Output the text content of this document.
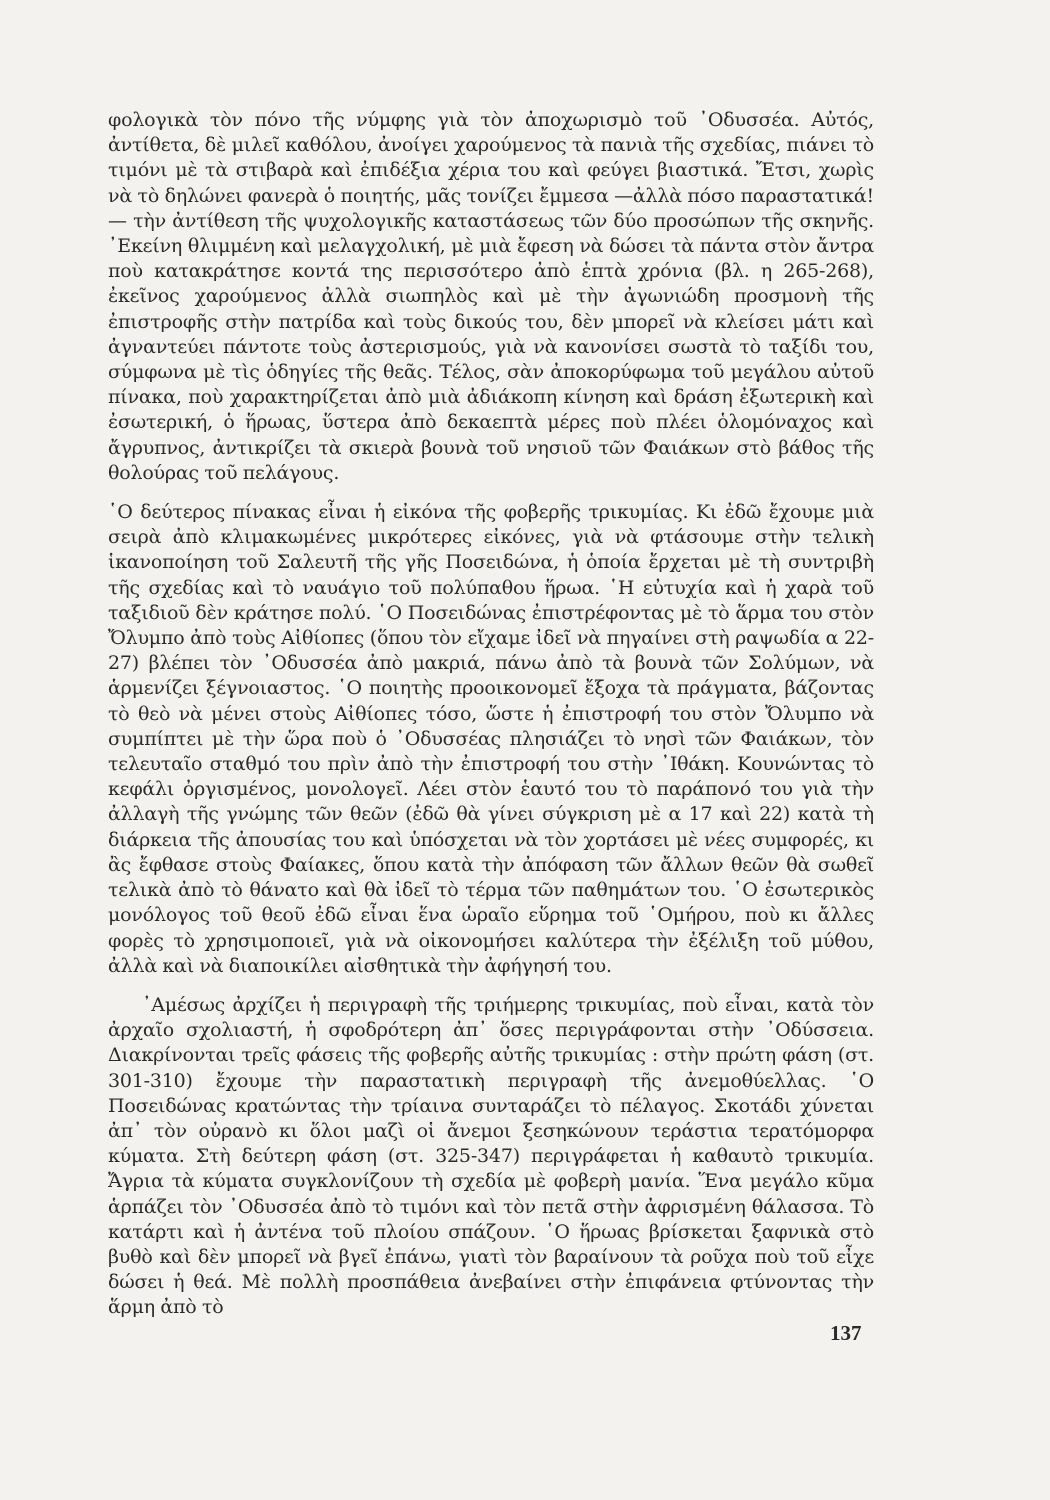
φολογικὰ τὸν πόνο τῆς νύμφης γιὰ τὸν ἀποχωρισμὸ τοῦ ᾿Οδυσσέα. Αὐτός, ἀντίθετα, δὲ μιλεῖ καθόλου, ἀνοίγει χαρούμενος τὰ πανιὰ τῆς σχεδίας, πιάνει τὸ τιμόνι μὲ τὰ στιβαρὰ καὶ ἐπιδέξια χέρια του καὶ φεύγει βιαστικά. Ἔτσι, χωρὶς νὰ τὸ δηλώνει φανερὰ ὁ ποιητής, μᾶς τονίζει ἔμμεσα —ἀλλὰ πόσο παραστατικά!— τὴν ἀντίθεση τῆς ψυχολογικῆς καταστάσεως τῶν δύο προσώπων τῆς σκηνῆς. ᾿Εκείνη θλιμμένη καὶ μελαγχολική, μὲ μιὰ ἔφεση νὰ δώσει τὰ πάντα στὸν ἄντρα ποὺ κατακράτησε κοντά της περισσότερο ἀπὸ ἑπτὰ χρόνια (βλ. η 265-268), ἐκεῖνος χαρούμενος ἀλλὰ σιωπηλὸς καὶ μὲ τὴν ἀγωνιώδη προσμονὴ τῆς ἐπιστροφῆς στὴν πατρίδα καὶ τοὺς δικούς του, δὲν μπορεῖ νὰ κλείσει μάτι καὶ ἀγναντεύει πάντοτε τοὺς ἀστερισμούς, γιὰ νὰ κανονίσει σωστὰ τὸ ταξίδι του, σύμφωνα μὲ τὶς ὁδηγίες τῆς θεᾶς. Τέλος, σὰν ἀποκορύφωμα τοῦ μεγάλου αὐτοῦ πίνακα, ποὺ χαρακτηρίζεται ἀπὸ μιὰ ἀδιάκοπη κίνηση καὶ δράση ἐξωτερικὴ καὶ ἐσωτερική, ὁ ἥρωας, ὕστερα ἀπὸ δεκαεπτὰ μέρες ποὺ πλέει ὁλομόναχος καὶ ἄγρυπνος, ἀντικρίζει τὰ σκιερὰ βουνὰ τοῦ νησιοῦ τῶν Φαιάκων στὸ βάθος τῆς θολούρας τοῦ πελάγους.

῾Ο δεύτερος πίνακας εἶναι ἡ εἰκόνα τῆς φοβερῆς τρικυμίας. Κι ἐδῶ ἔχουμε μιὰ σειρὰ ἀπὸ κλιμακωμένες μικρότερες εἰκόνες, γιὰ νὰ φτάσουμε στὴν τελικὴ ἱκανοποίηση τοῦ Σαλευτῆ τῆς γῆς Ποσειδώνα, ἡ ὁποία ἔρχεται μὲ τὴ συντριβὴ τῆς σχεδίας καὶ τὸ ναυάγιο τοῦ πολύπαθου ἥρωα. ῾Η εὐτυχία καὶ ἡ χαρὰ τοῦ ταξιδιοῦ δὲν κράτησε πολύ. ῾Ο Ποσειδώνας ἐπιστρέφοντας μὲ τὸ ἅρμα του στὸν Ὄλυμπο ἀπὸ τοὺς Αἰθίοπες (ὅπου τὸν εἴχαμε ἰδεῖ νὰ πηγαίνει στὴ ραψωδία α 22-27) βλέπει τὸν ᾿Οδυσσέα ἀπὸ μακριά, πάνω ἀπὸ τὰ βουνὰ τῶν Σολύμων, νὰ ἁρμενίζει ξέγνοιαστος. ῾Ο ποιητὴς προοικονομεῖ ἔξοχα τὰ πράγματα, βάζοντας τὸ θεὸ νὰ μένει στοὺς Αἰθίοπες τόσο, ὥστε ἡ ἐπιστροφή του στὸν Ὄλυμπο νὰ συμπίπτει μὲ τὴν ὥρα ποὺ ὁ ᾿Οδυσσέας πλησιάζει τὸ νησὶ τῶν Φαιάκων, τὸν τελευταῖο σταθμό του πρὶν ἀπὸ τὴν ἐπιστροφή του στὴν ᾿Ιθάκη. Κουνώντας τὸ κεφάλι ὀργισμένος, μονολογεῖ. Λέει στὸν ἑαυτό του τὸ παράπονό του γιὰ τὴν ἀλλαγὴ τῆς γνώμης τῶν θεῶν (ἐδῶ θὰ γίνει σύγκριση μὲ α 17 καὶ 22) κατὰ τὴ διάρκεια τῆς ἀπουσίας του καὶ ὑπόσχεται νὰ τὸν χορτάσει μὲ νέες συμφορές, κι ἂς ἔφθασε στοὺς Φαίακες, ὅπου κατὰ τὴν ἀπόφαση τῶν ἄλλων θεῶν θὰ σωθεῖ τελικὰ ἀπὸ τὸ θάνατο καὶ θὰ ἰδεῖ τὸ τέρμα τῶν παθημάτων του. ῾Ο ἐσωτερικὸς μονόλογος τοῦ θεοῦ ἐδῶ εἶναι ἕνα ὡραῖο εὕρημα τοῦ ῾Ομήρου, ποὺ κι ἄλλες φορὲς τὸ χρησιμοποιεῖ, γιὰ νὰ οἰκονομήσει καλύτερα τὴν ἐξέλιξη τοῦ μύθου, ἀλλὰ καὶ νὰ διαποικίλει αἰσθητικὰ τὴν ἀφήγησή του.

᾿Αμέσως ἀρχίζει ἡ περιγραφὴ τῆς τριήμερης τρικυμίας, ποὺ εἶναι, κατὰ τὸν ἀρχαῖο σχολιαστή, ἡ σφοδρότερη ἀπ᾿ ὅσες περιγράφονται στὴν ᾿Οδύσσεια. Διακρίνονται τρεῖς φάσεις τῆς φοβερῆς αὐτῆς τρικυμίας : στὴν πρώτη φάση (στ. 301-310) ἔχουμε τὴν παραστατικὴ περιγραφὴ τῆς ἀνεμοθύελλας. ῾Ο Ποσειδώνας κρατώντας τὴν τρίαινα συνταράζει τὸ πέλαγος. Σκοτάδι χύνεται ἀπ᾿ τὸν οὐρανὸ κι ὅλοι μαζὶ οἱ ἄνεμοι ξεσηκώνουν τεράστια τερατόμορφα κύματα. Στὴ δεύτερη φάση (στ. 325-347) περιγράφεται ἡ καθαυτὸ τρικυμία. Ἄγρια τὰ κύματα συγκλονίζουν τὴ σχεδία μὲ φοβερὴ μανία. Ἕνα μεγάλο κῦμα ἁρπάζει τὸν ᾿Οδυσσέα ἀπὸ τὸ τιμόνι καὶ τὸν πετᾶ στὴν ἀφρισμένη θάλασσα. Τὸ κατάρτι καὶ ἡ ἀντένα τοῦ πλοίου σπάζουν. ῾Ο ἥρωας βρίσκεται ξαφνικὰ στὸ βυθὸ καὶ δὲν μπορεῖ νὰ βγεῖ ἐπάνω, γιατὶ τὸν βαραίνουν τὰ ροῦχα ποὺ τοῦ εἶχε δώσει ἡ θεά. Μὲ πολλὴ προσπάθεια ἀνεβαίνει στὴν ἐπιφάνεια φτύνοντας τὴν ἅρμη ἀπὸ τὸ

137
